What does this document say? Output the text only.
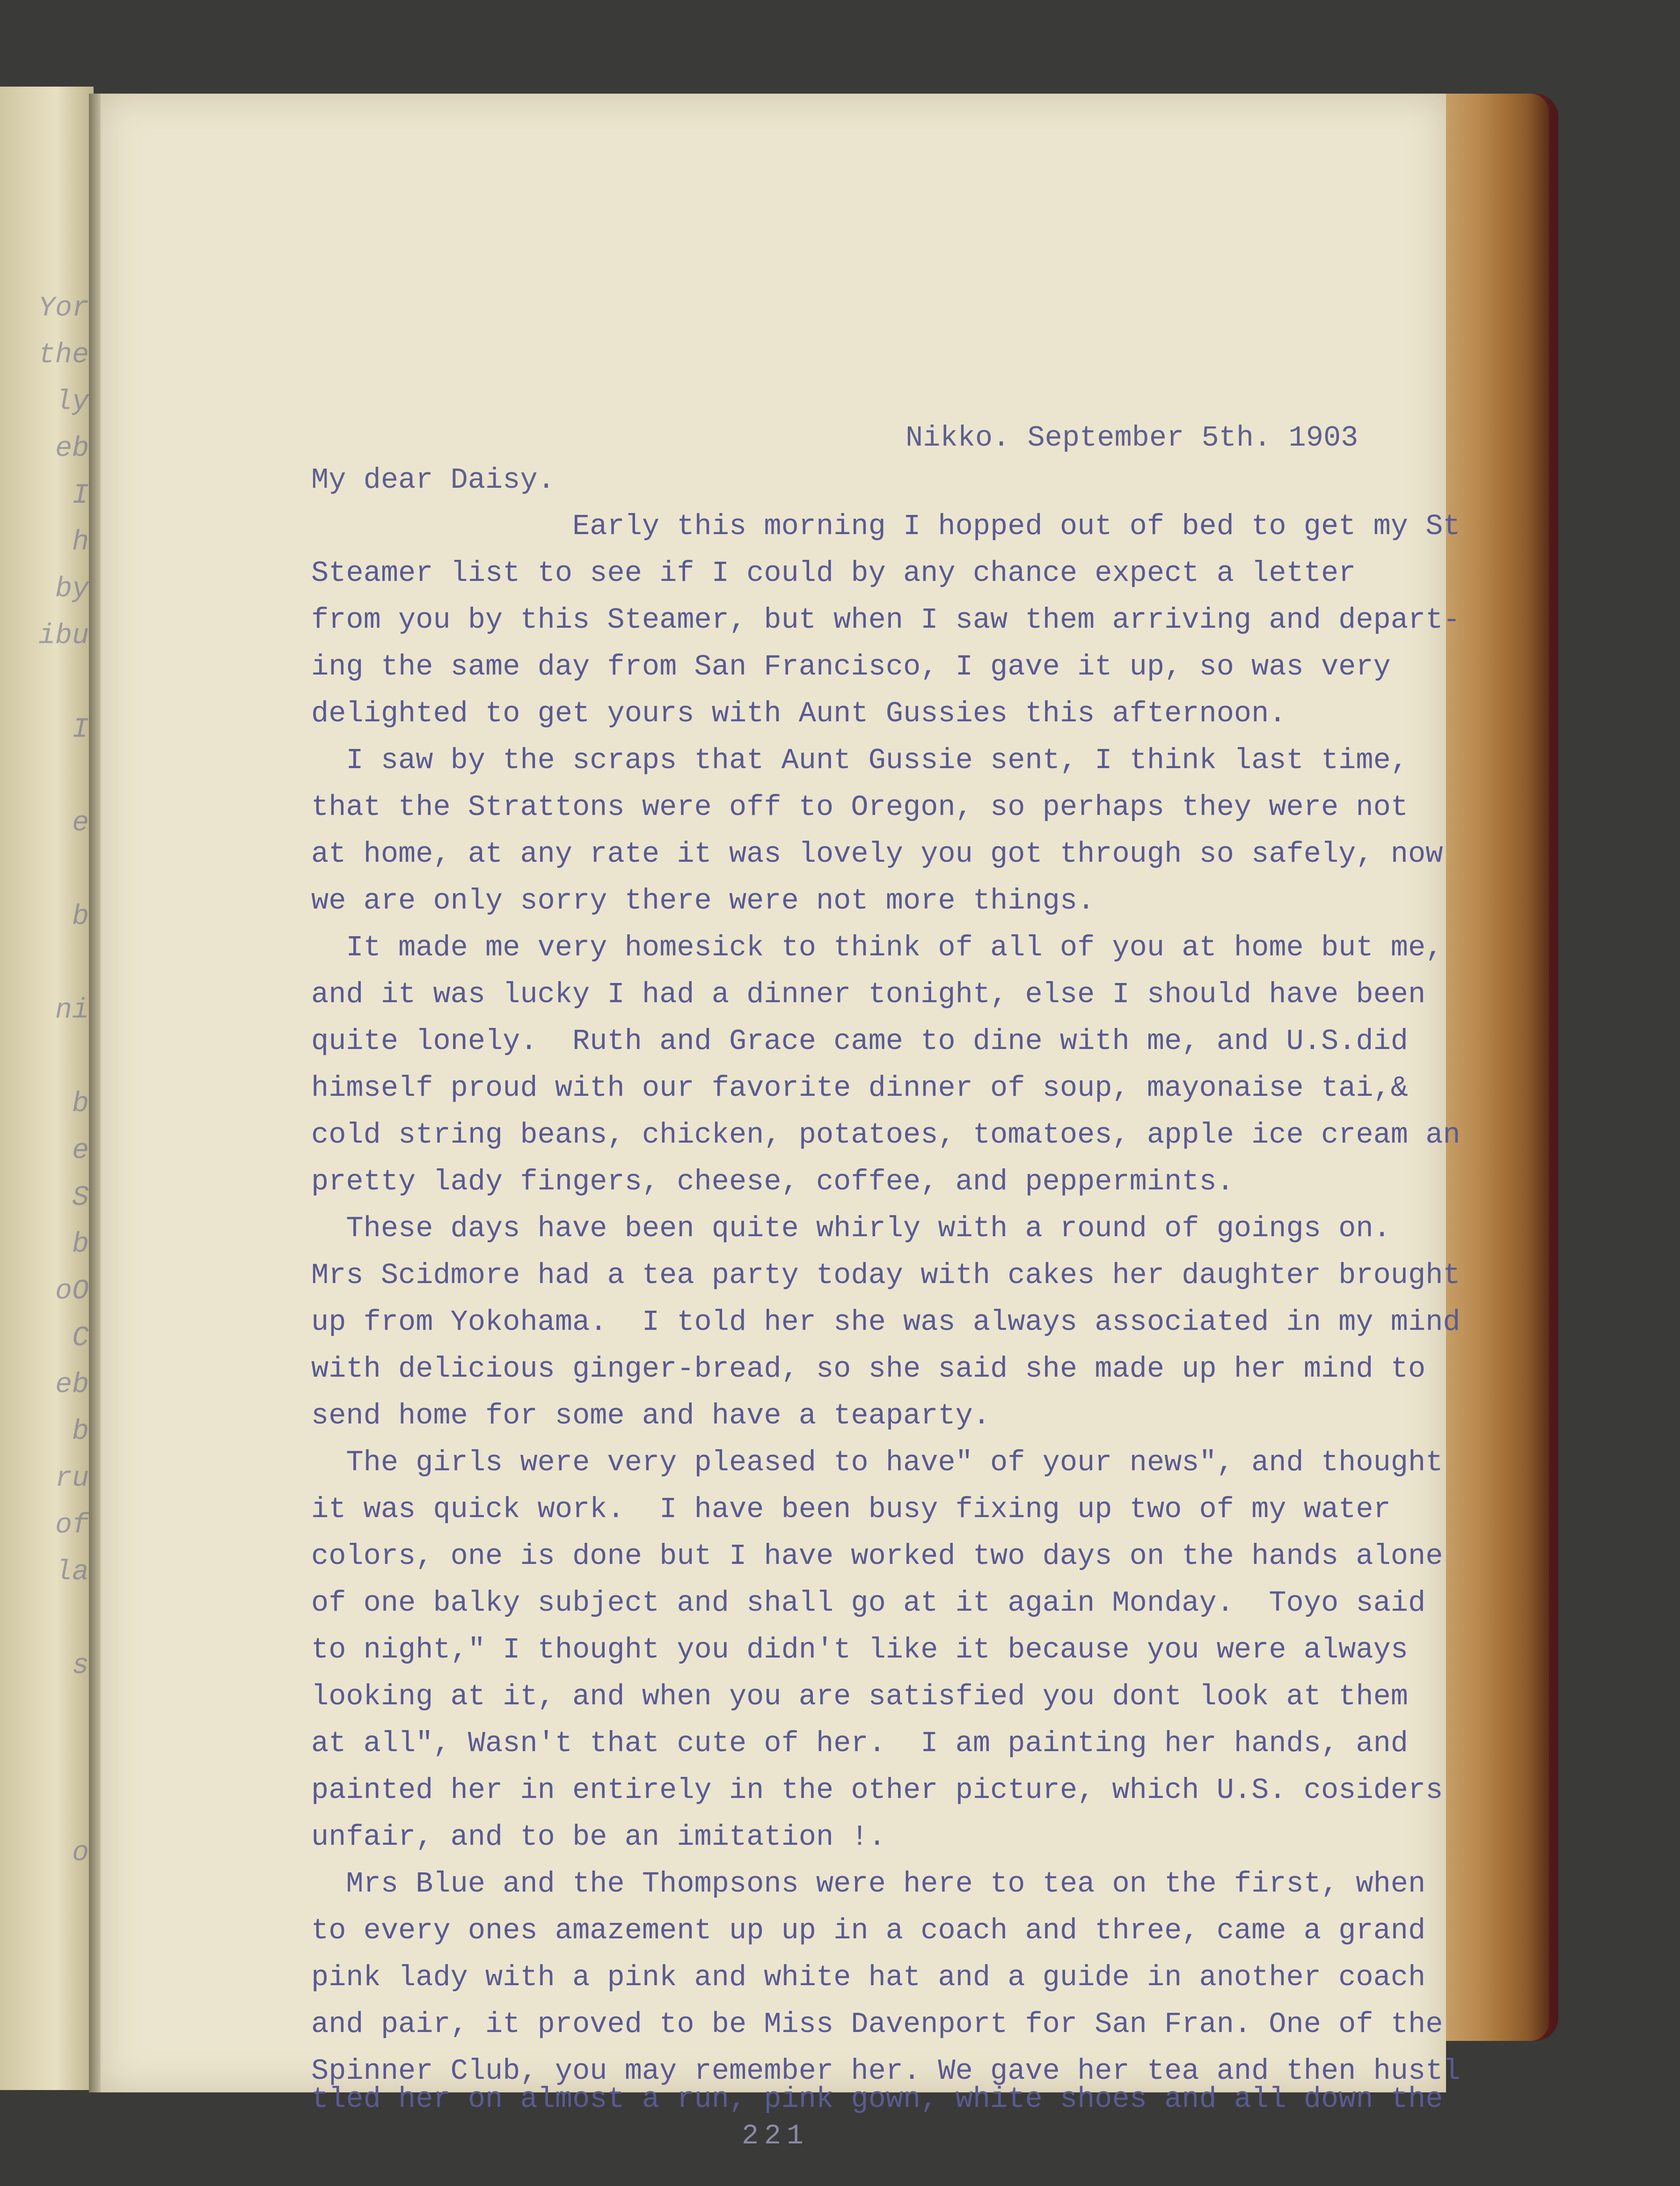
Yor
the
ly
eb
I
h
by
ibu
I
e
b
ni
b
e
S
b
oO
C
eb
b
ru
of
la
s
o
Nikko. September 5th. 1903
My dear Daisy.
Early this morning I hopped out of bed to get my St
Steamer list to see if I could by any chance expect a letter
from you by this Steamer, but when I saw them arriving and depart-
ing the same day from San Francisco, I gave it up, so was very
delighted to get yours with Aunt Gussies this afternoon.
I saw by the scraps that Aunt Gussie sent, I think last time,
that the Strattons were off to Oregon, so perhaps they were not
at home, at any rate it was lovely you got through so safely, now
we are only sorry there were not more things.
It made me very homesick to think of all of you at home but me,
and it was lucky I had a dinner tonight, else I should have been
quite lonely.  Ruth and Grace came to dine with me, and U.S.did
himself proud with our favorite dinner of soup, mayonaise tai,&
cold string beans, chicken, potatoes, tomatoes, apple ice cream an
pretty lady fingers, cheese, coffee, and peppermints.
These days have been quite whirly with a round of goings on.
Mrs Scidmore had a tea party today with cakes her daughter brought
up from Yokohama.  I told her she was always associated in my mind
with delicious ginger-bread, so she said she made up her mind to
send home for some and have a teaparty.
The girls were very pleased to have" of your news", and thought
it was quick work.  I have been busy fixing up two of my water
colors, one is done but I have worked two days on the hands alone
of one balky subject and shall go at it again Monday.  Toyo said
to night," I thought you didn't like it because you were always
looking at it, and when you are satisfied you dont look at them
at all", Wasn't that cute of her.  I am painting her hands, and
painted her in entirely in the other picture, which U.S. cosiders
unfair, and to be an imitation !.
Mrs Blue and the Thompsons were here to tea on the first, when
to every ones amazement up up in a coach and three, came a grand
pink lady with a pink and white hat and a guide in another coach
and pair, it proved to be Miss Davenport for San Fran. One of the
Spinner Club, you may remember her. We gave her tea and then hustl
tled her on almost a run, pink gown, white shoes and all down the
221
